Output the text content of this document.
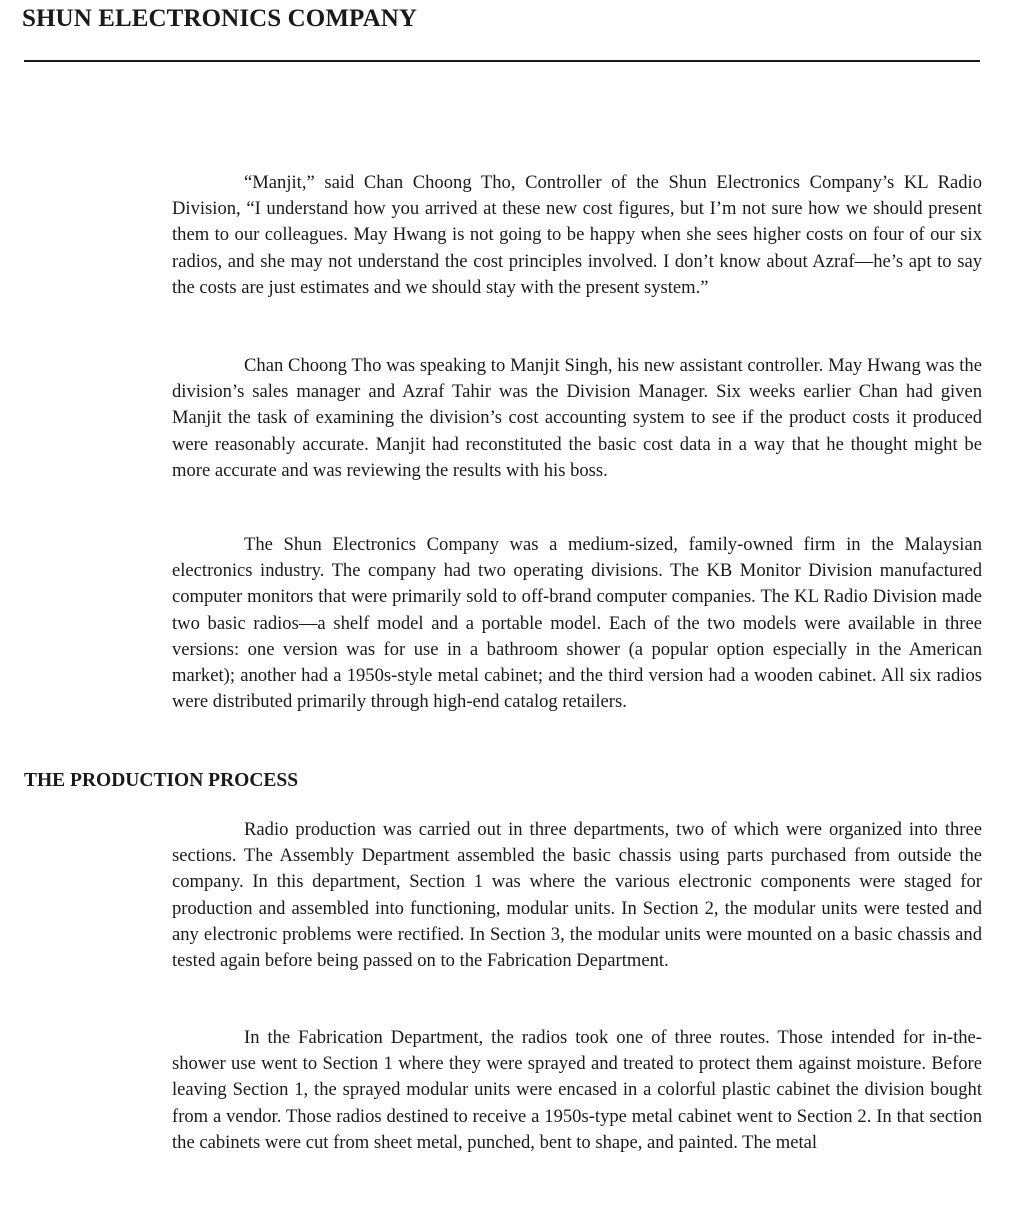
SHUN ELECTRONICS COMPANY

“Manjit,” said Chan Choong Tho, Controller of the Shun Electronics Company’s KL Radio Division, “I understand how you arrived at these new cost figures, but I’m not sure how we should present them to our colleagues. May Hwang is not going to be happy when she sees higher costs on four of our six radios, and she may not understand the cost principles involved. I don’t know about Azraf—he’s apt to say the costs are just estimates and we should stay with the present system.”

Chan Choong Tho was speaking to Manjit Singh, his new assistant controller. May Hwang was the division’s sales manager and Azraf Tahir was the Division Manager. Six weeks earlier Chan had given Manjit the task of examining the division’s cost accounting system to see if the product costs it produced were reasonably accurate. Manjit had reconstituted the basic cost data in a way that he thought might be more accurate and was reviewing the results with his boss.

The Shun Electronics Company was a medium-sized, family-owned firm in the Malaysian electronics industry. The company had two operating divisions. The KB Monitor Division manufactured computer monitors that were primarily sold to off-brand computer companies. The KL Radio Division made two basic radios—a shelf model and a portable model. Each of the two models were available in three versions: one version was for use in a bathroom shower (a popular option especially in the American market); another had a 1950s-style metal cabinet; and the third version had a wooden cabinet. All six radios were distributed primarily through high-end catalog retailers.

THE PRODUCTION PROCESS

Radio production was carried out in three departments, two of which were organized into three sections. The Assembly Department assembled the basic chassis using parts purchased from outside the company. In this department, Section 1 was where the various electronic components were staged for production and assembled into functioning, modular units. In Section 2, the modular units were tested and any electronic problems were rectified. In Section 3, the modular units were mounted on a basic chassis and tested again before being passed on to the Fabrication Department.

In the Fabrication Department, the radios took one of three routes. Those intended for in-the-shower use went to Section 1 where they were sprayed and treated to protect them against moisture. Before leaving Section 1, the sprayed modular units were encased in a colorful plastic cabinet the division bought from a vendor. Those radios destined to receive a 1950s-type metal cabinet went to Section 2. In that section the cabinets were cut from sheet metal, punched, bent to shape, and painted. The metal
